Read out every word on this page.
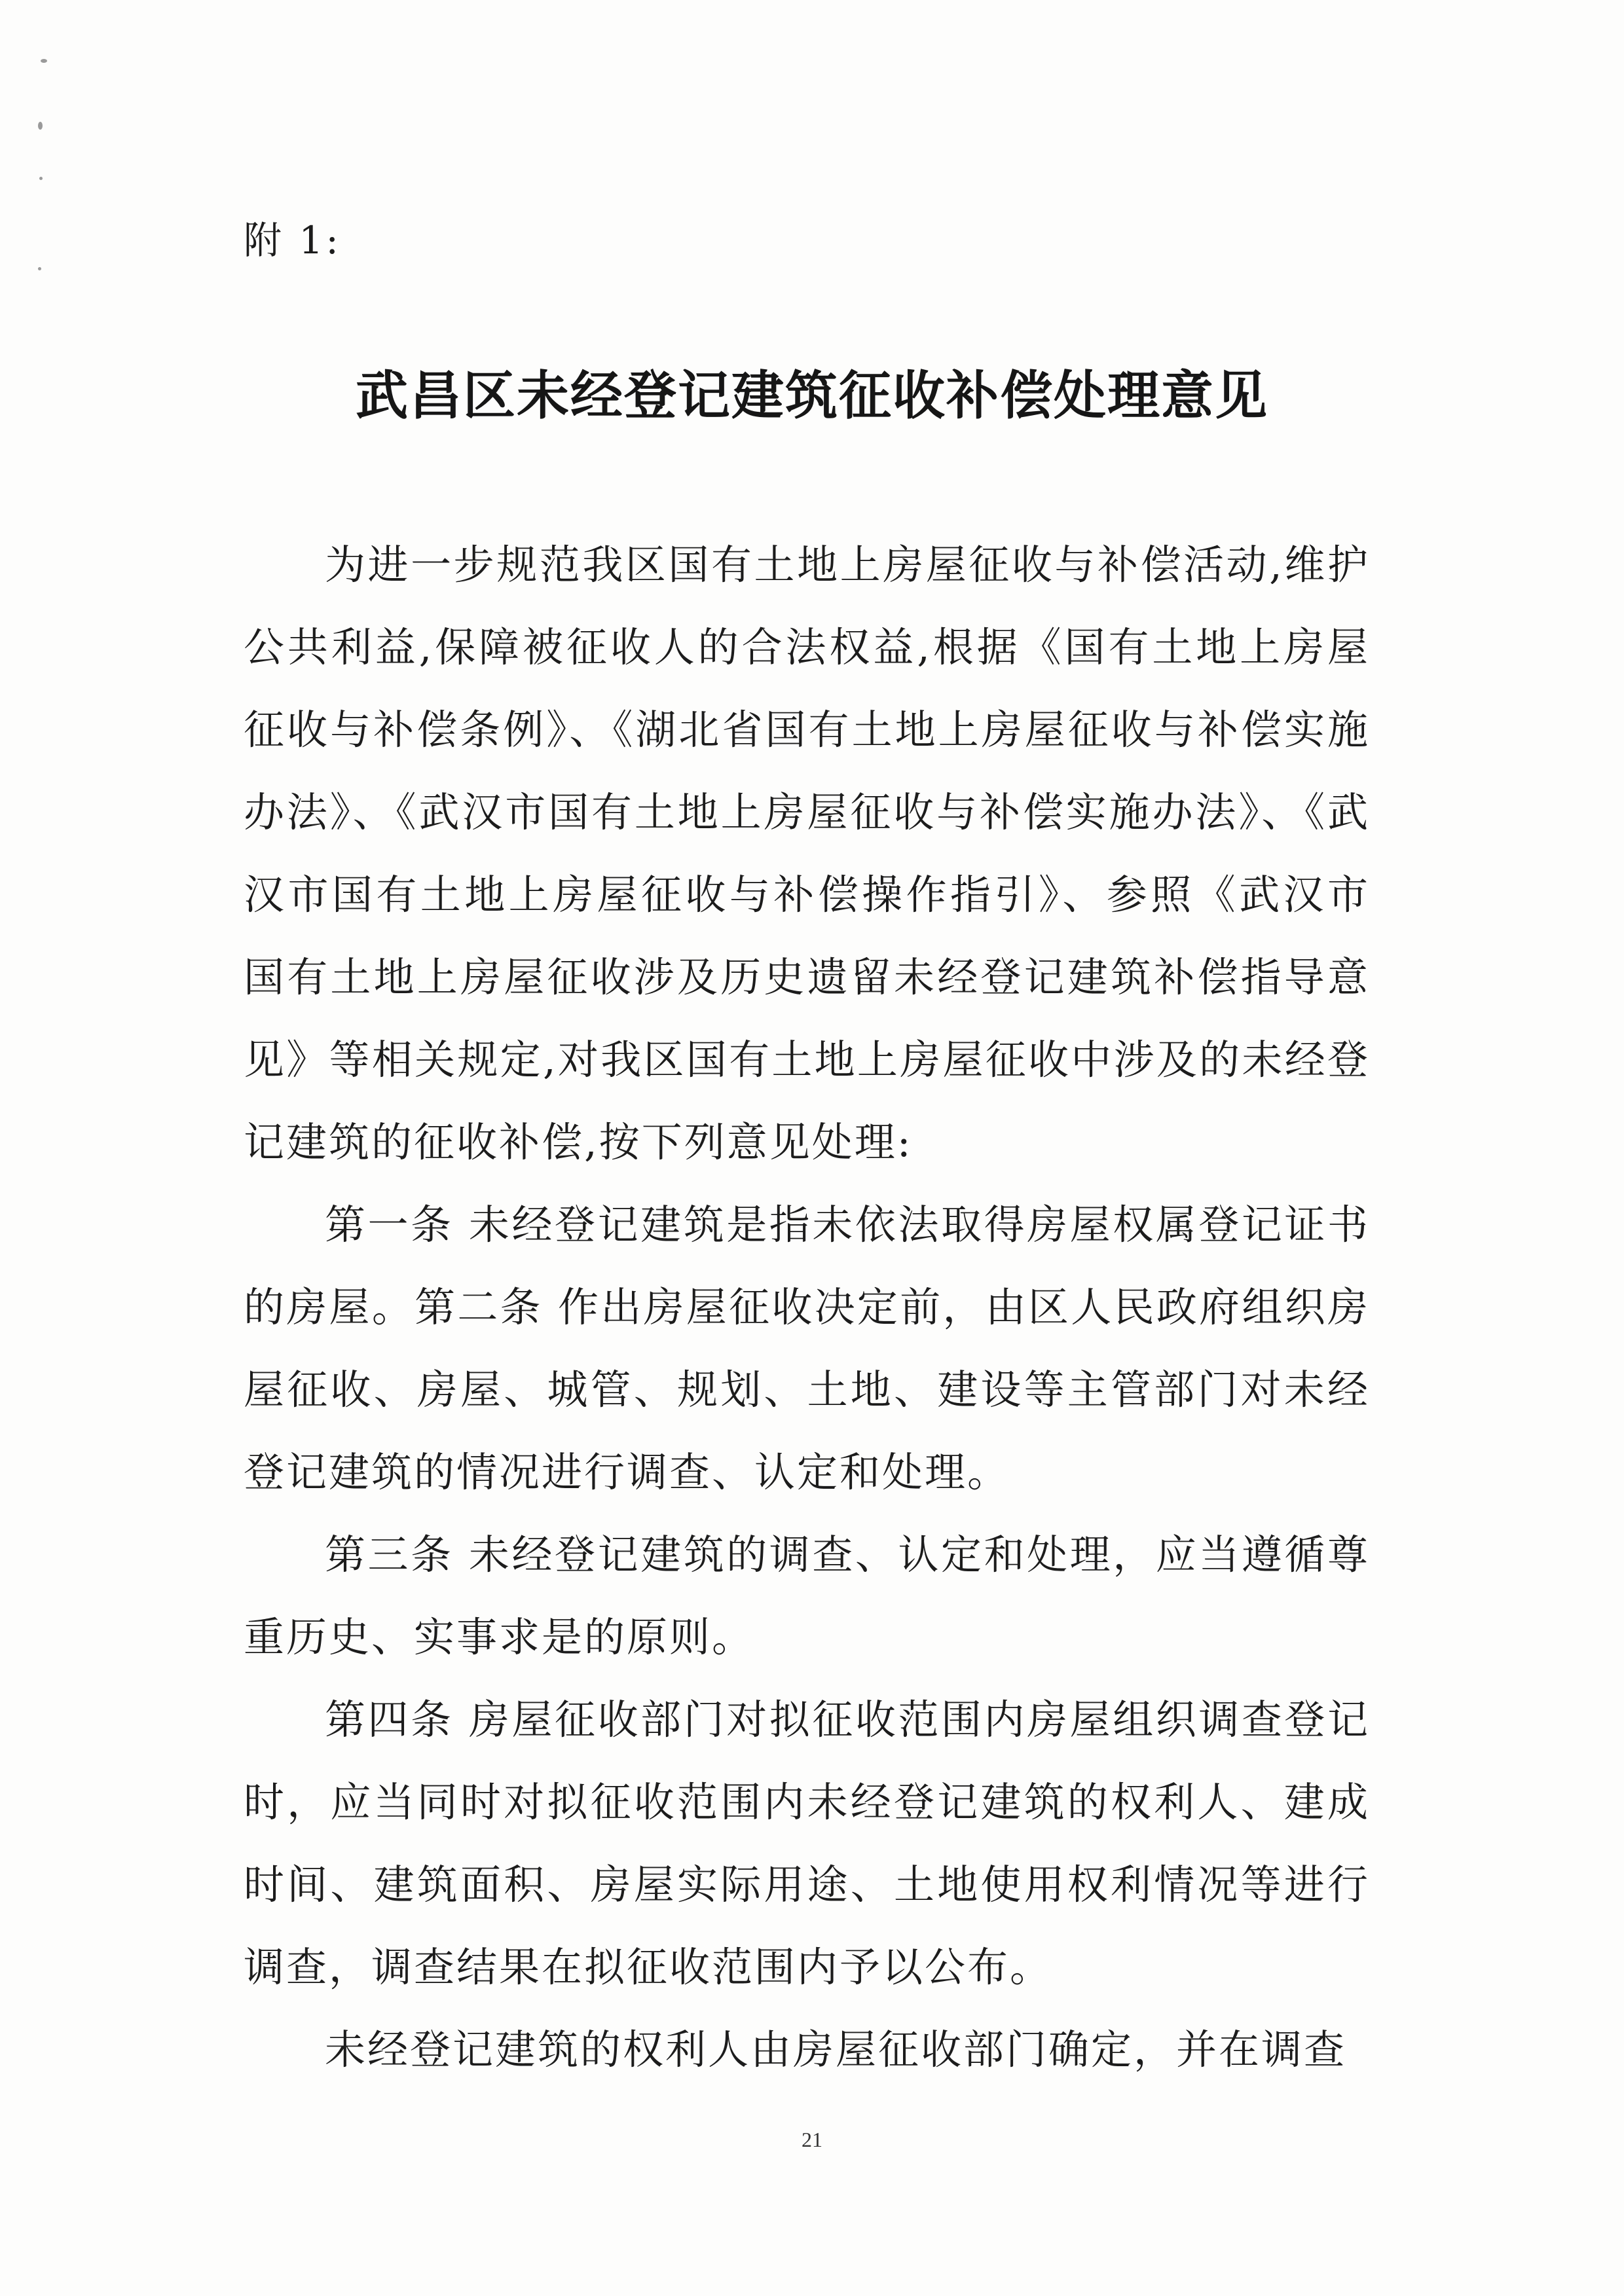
附 1:
武昌区未经登记建筑征收补偿处理意见

为进一步规范我区国有土地上房屋征收与补偿活动,维护公共利益,保障被征收人的合法权益,根据《国有土地上房屋征收与补偿条例》、《湖北省国有土地上房屋征收与补偿实施办法》、《武汉市国有土地上房屋征收与补偿实施办法》、《武汉市国有土地上房屋征收与补偿操作指引》、参照《武汉市国有土地上房屋征收涉及历史遗留未经登记建筑补偿指导意见》等相关规定,对我区国有土地上房屋征收中涉及的未经登记建筑的征收补偿,按下列意见处理:

第一条 未经登记建筑是指未依法取得房屋权属登记证书的房屋。第二条 作出房屋征收决定前，由区人民政府组织房屋征收、房屋、城管、规划、土地、建设等主管部门对未经登记建筑的情况进行调查、认定和处理。

第三条 未经登记建筑的调查、认定和处理，应当遵循尊重历史、实事求是的原则。

第四条 房屋征收部门对拟征收范围内房屋组织调查登记时，应当同时对拟征收范围内未经登记建筑的权利人、建成时间、建筑面积、房屋实际用途、土地使用权利情况等进行调查，调查结果在拟征收范围内予以公布。

未经登记建筑的权利人由房屋征收部门确定，并在调查

21
